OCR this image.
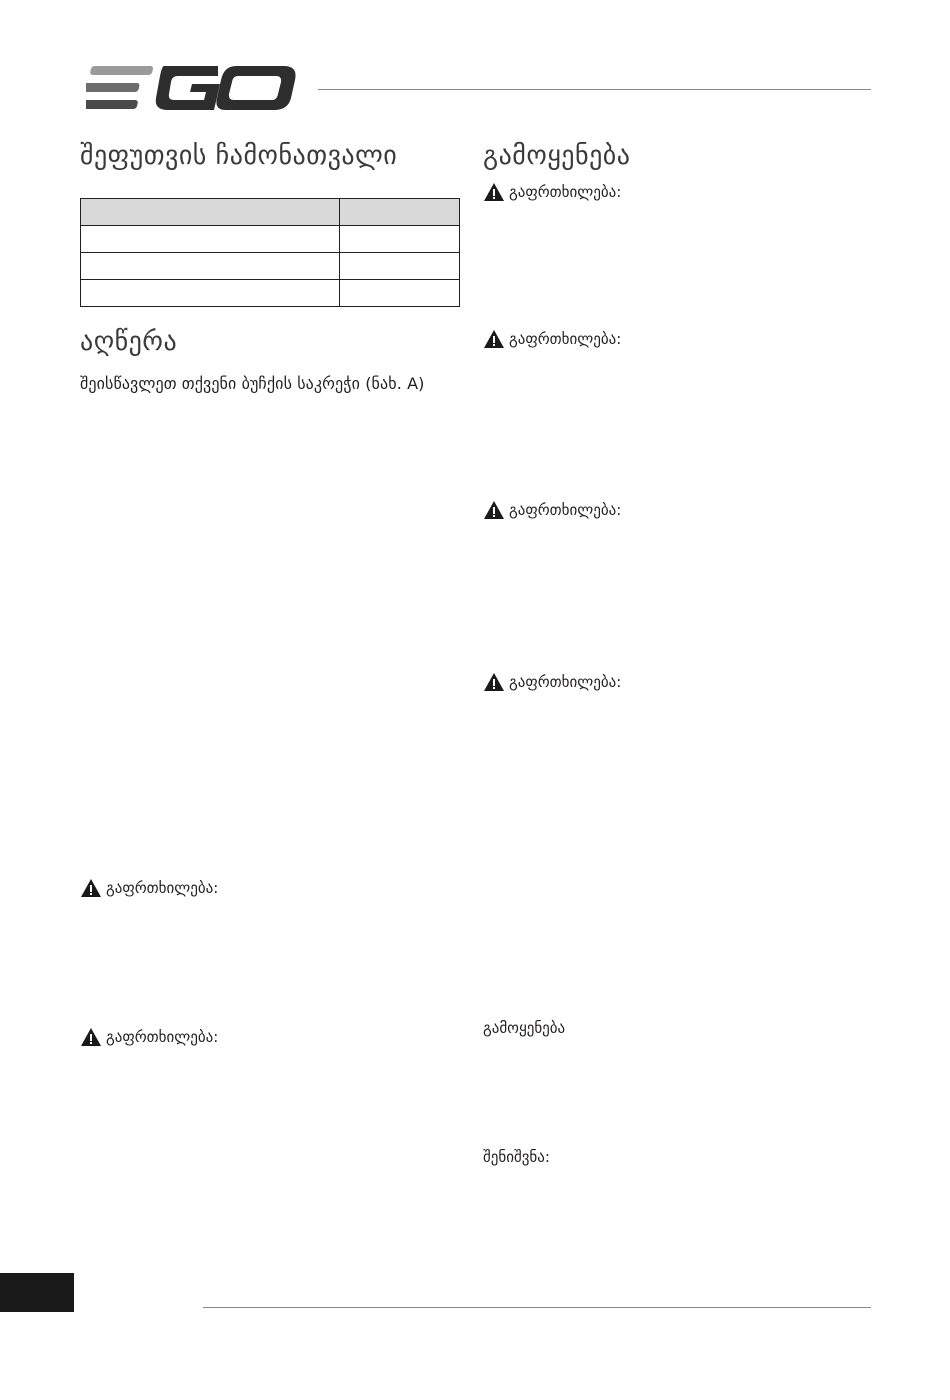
შეფუთვის ჩამონათვალი

აღწერა

შეისწავლეთ თქვენი ბუჩქის საკრეჭი (ნახ. A)

გაფრთხილება:
გაფრთხილება:
გამოყენება
გაფრთხილება:
გაფრთხილება:
გაფრთხილება:
გაფრთხილება:
გამოყენება
შენიშვნა:
